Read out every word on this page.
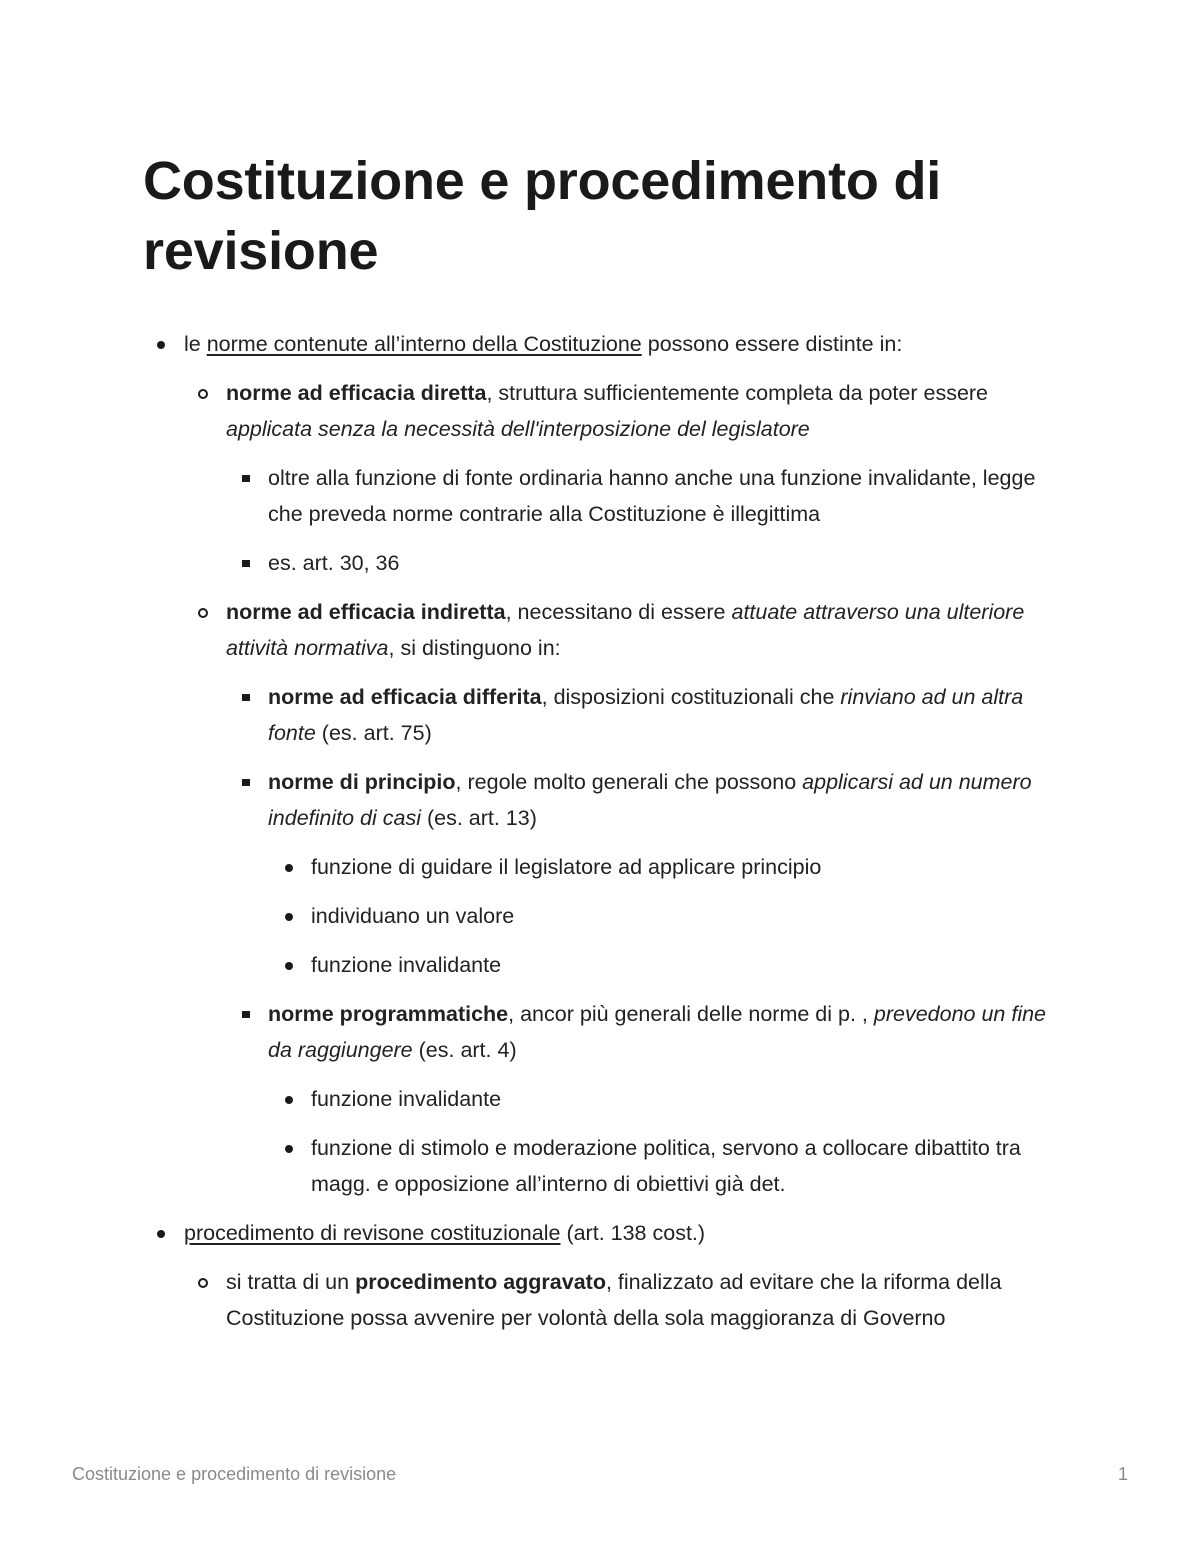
Costituzione e procedimento di revisione
le norme contenute all’interno della Costituzione possono essere distinte in:
norme ad efficacia diretta, struttura sufficientemente completa da poter essere applicata senza la necessità dell'interposizione del legislatore
oltre alla funzione di fonte ordinaria hanno anche una funzione invalidante, legge che preveda norme contrarie alla Costituzione è illegittima
es. art. 30, 36
norme ad efficacia indiretta, necessitano di essere attuate attraverso una ulteriore attività normativa, si distinguono in:
norme ad efficacia differita, disposizioni costituzionali che rinviano ad un altra fonte (es. art. 75)
norme di principio, regole molto generali che possono applicarsi ad un numero indefinito di casi (es. art. 13)
funzione di guidare il legislatore ad applicare principio
individuano un valore
funzione invalidante
norme programmatiche, ancor più generali delle norme di p. , prevedono un fine da raggiungere (es. art. 4)
funzione invalidante
funzione di stimolo e moderazione politica, servono a collocare dibattito tra magg. e opposizione all’interno di obiettivi già det.
procedimento di revisone costituzionale (art. 138 cost.)
si tratta di un procedimento aggravato, finalizzato ad evitare che la riforma della Costituzione possa avvenire per volontà della sola maggioranza di Governo
Costituzione e procedimento di revisione	1
